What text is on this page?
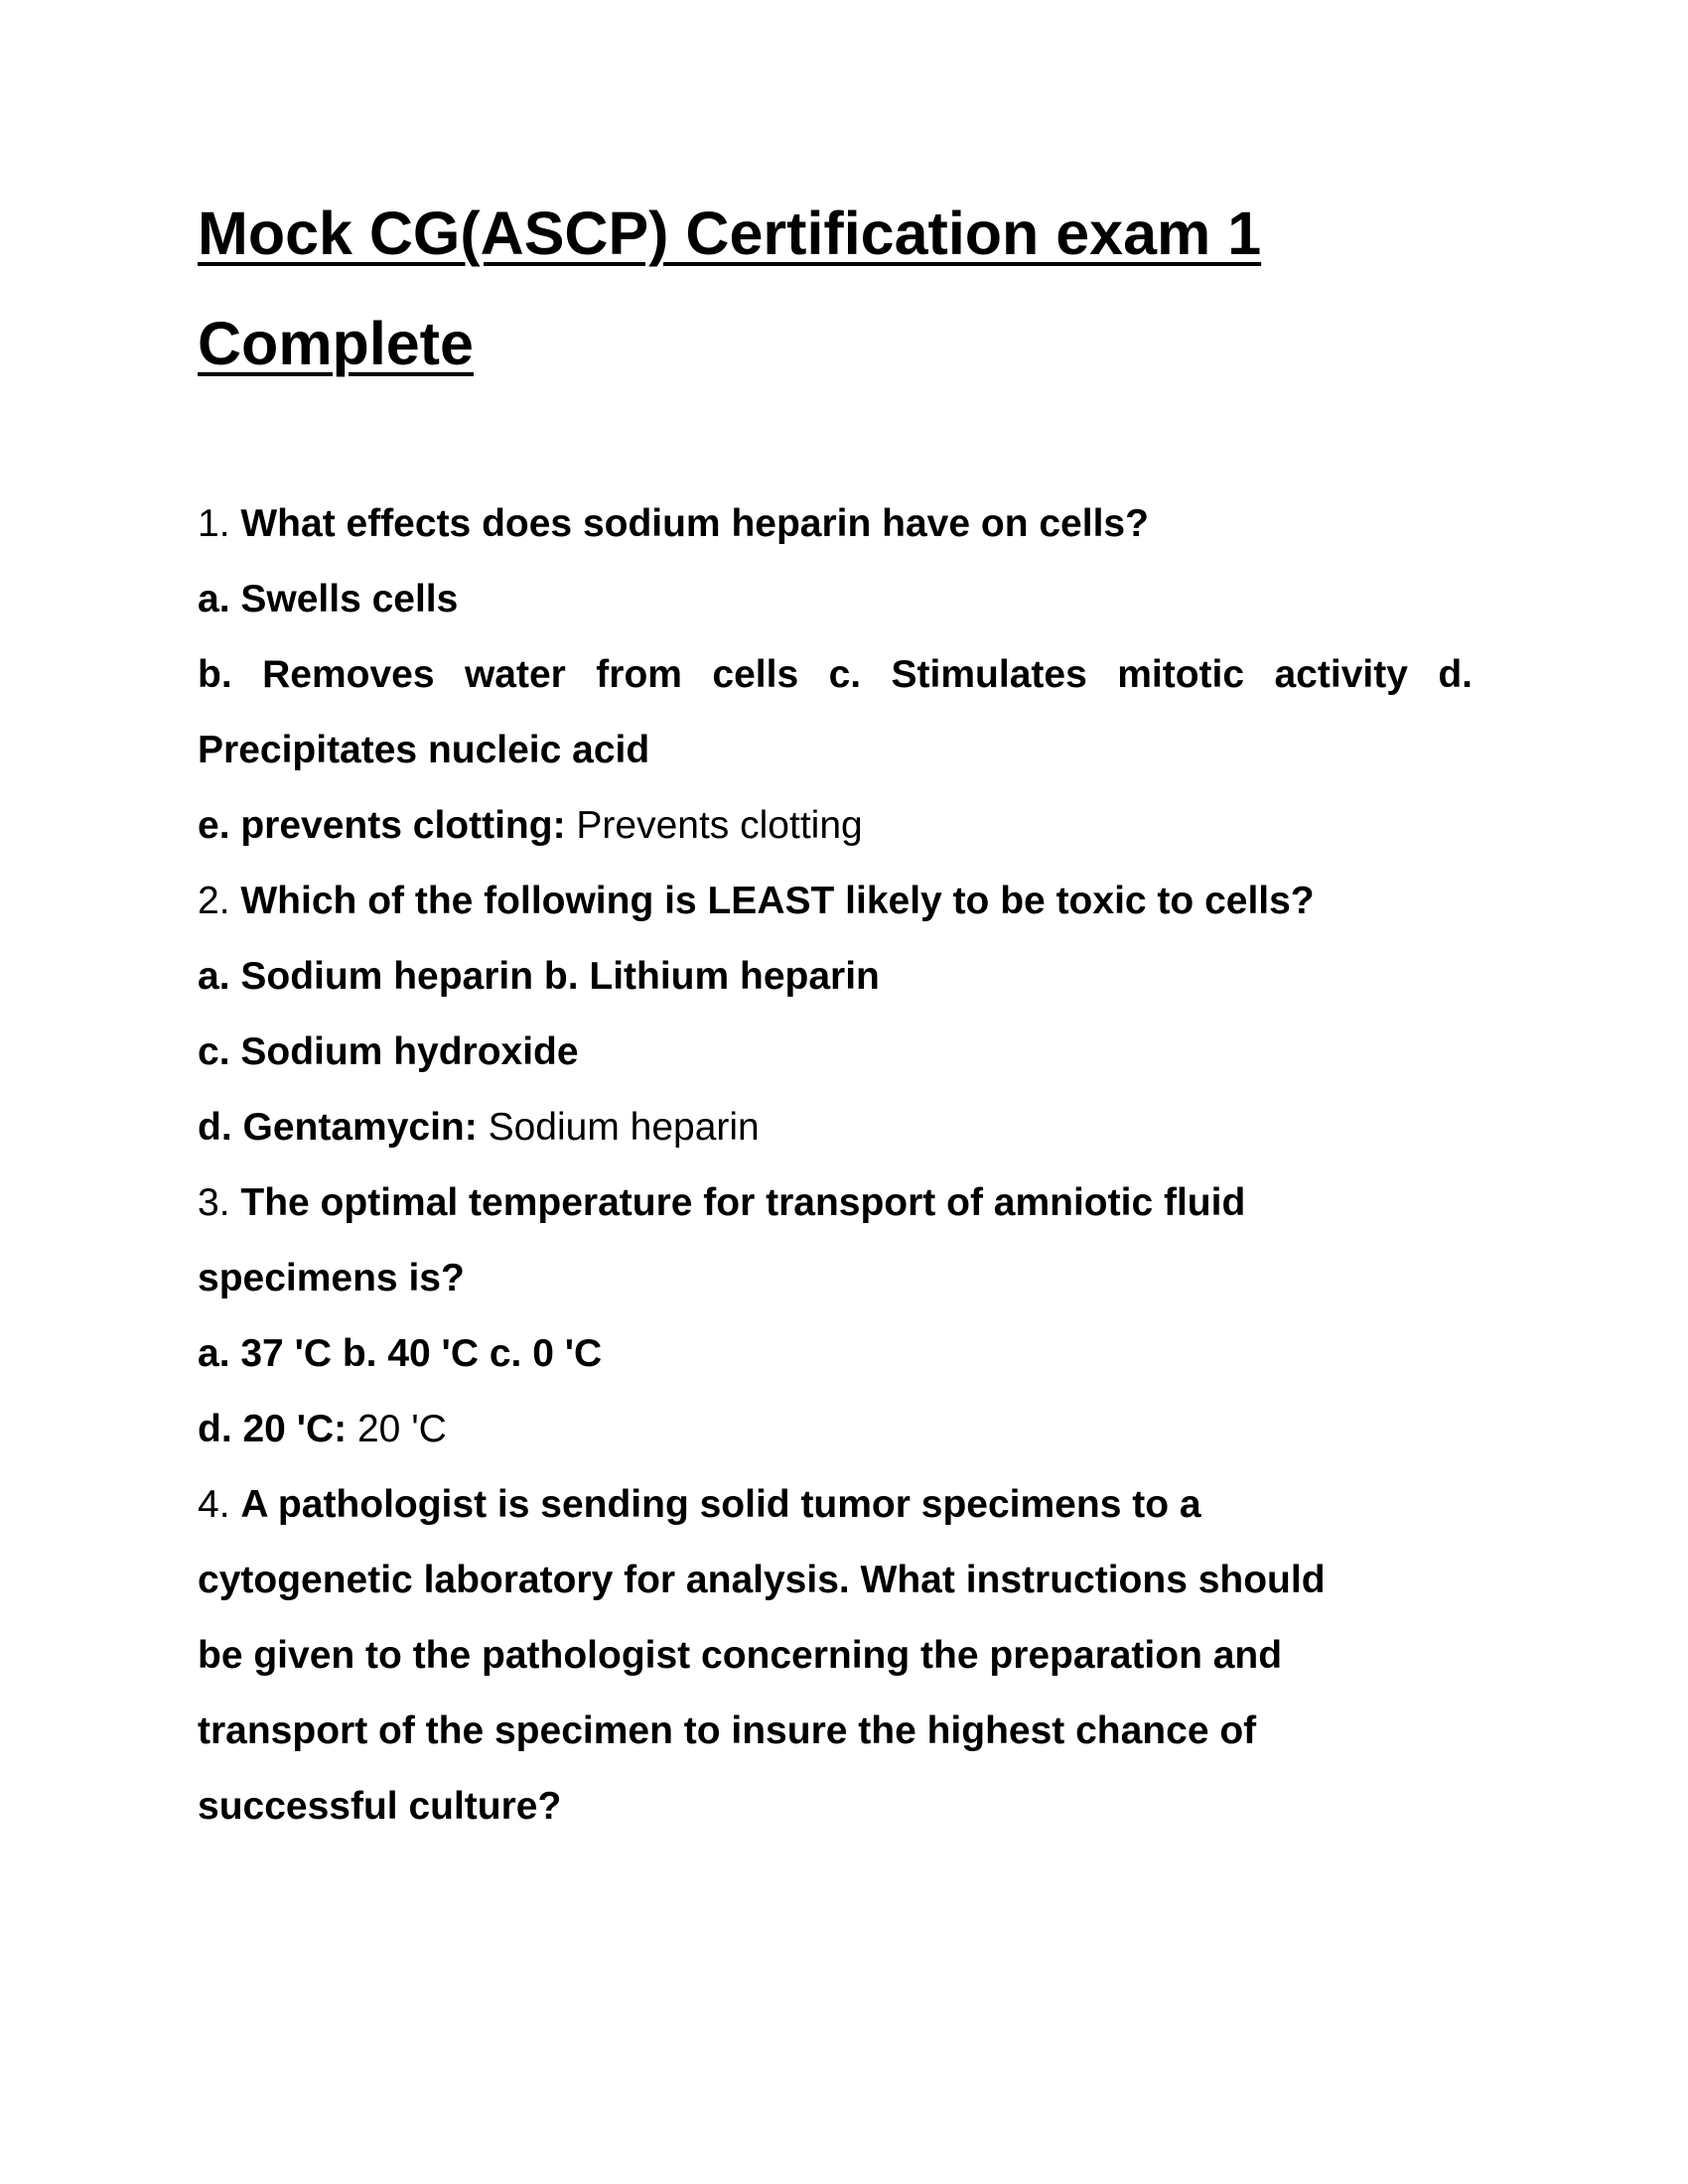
Mock CG(ASCP) Certification exam 1
Complete
1. What effects does sodium heparin have on cells?
a. Swells cells
b. Removes water from cells c. Stimulates mitotic activity d.
Precipitates nucleic acid
e. prevents clotting: Prevents clotting
2. Which of the following is LEAST likely to be toxic to cells?
a. Sodium heparin b. Lithium heparin
c. Sodium hydroxide
d. Gentamycin: Sodium heparin
3. The optimal temperature for transport of amniotic fluid
specimens is?
a. 37 'C b. 40 'C c. 0 'C
d. 20 'C: 20 'C
4. A pathologist is sending solid tumor specimens to a
cytogenetic laboratory for analysis. What instructions should
be given to the pathologist concerning the preparation and
transport of the specimen to insure the highest chance of
successful culture?
